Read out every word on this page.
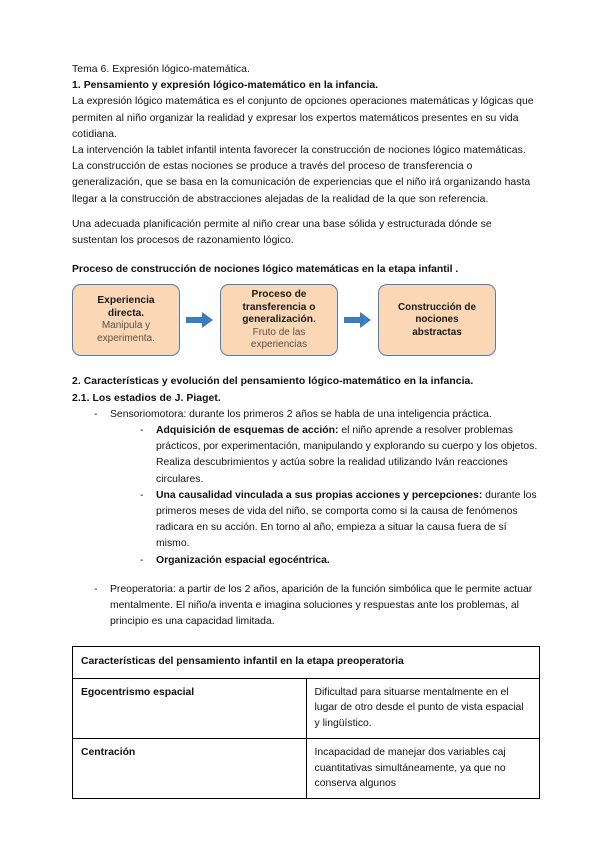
Tema 6. Expresión lógico-matemática.

1. Pensamiento y expresión lógico-matemático en la infancia.

La expresión lógico matemática es el conjunto de opciones operaciones matemáticas y lógicas que permiten al niño organizar la realidad y expresar los expertos matemáticos presentes en su vida cotidiana.

La intervención la tablet infantil intenta favorecer la construcción de nociones lógico matemáticas.

La construcción de estas nociones se produce a través del proceso de transferencia o generalización, que se basa en la comunicación de experiencias que el niño irá organizando hasta llegar a la construcción de abstracciones alejadas de la realidad de la que son referencia.

Una adecuada planificación permite al niño crear una base sólida y estructurada dónde se sustentan los procesos de razonamiento lógico.

Proceso de construcción de nociones lógico matemáticas en la etapa infantil .

Experiencia
directa.
Manipula y
experimenta.
Proceso de
transferencia o
generalización.
Fruto de las
experiencias
Construcción de
nociones
abstractas

2. Características y evolución del pensamiento lógico-matemático en la infancia.

2.1. Los estadios de J. Piaget.

- Sensoriomotora: durante los primeros 2 años se habla de una inteligencia práctica.
- Adquisición de esquemas de acción: el niño aprende a resolver problemas prácticos, por experimentación, manipulando y explorando su cuerpo y los objetos. Realiza descubrimientos y actúa sobre la realidad utilizando Iván reacciones circulares.
- Una causalidad vinculada a sus propias acciones y percepciones: durante los primeros meses de vida del niño, se comporta como si la causa de fenómenos radicara en su acción. En torno al año, empieza a situar la causa fuera de sí mismo.
- Organización espacial egocéntrica.
- Preoperatoria: a partir de los 2 años, aparición de la función simbólica que le permite actuar mentalmente. El niño/a inventa e imagina soluciones y respuestas ante los problemas, al principio es una capacidad limitada.
Características del pensamiento infantil en la etapa preoperatoria	
Egocentrismo espacial	Dificultad para situarse mentalmente en el lugar de otro desde el punto de vista espacial y lingüístico.
Centración	Incapacidad de manejar dos variables caj cuantitativas simultáneamente, ya que no conserva algunos
